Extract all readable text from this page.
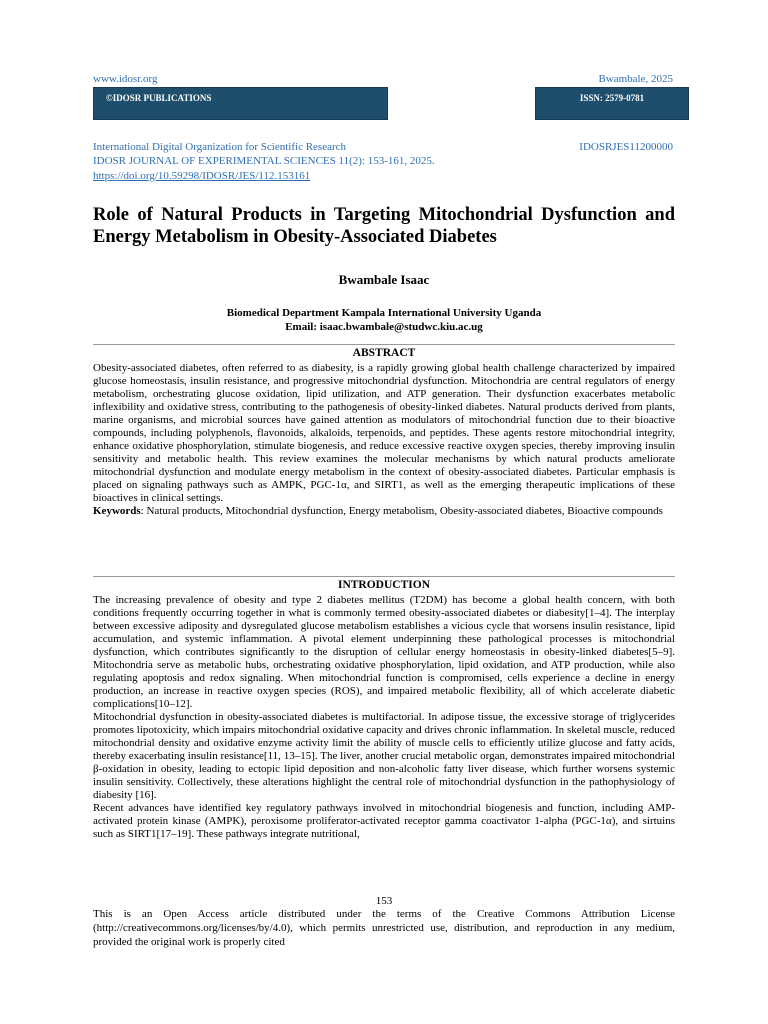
www.idosr.org	Bwambale, 2025
©IDOSR PUBLICATIONS	ISSN: 2579-0781
International Digital Organization for Scientific Research	IDOSRJES11200000
IDOSR JOURNAL OF EXPERIMENTAL SCIENCES 11(2): 153-161, 2025.
https://doi.org/10.59298/IDOSR/JES/112.153161
Role of Natural Products in Targeting Mitochondrial Dysfunction and Energy Metabolism in Obesity-Associated Diabetes
Bwambale Isaac
Biomedical Department Kampala International University Uganda
Email: isaac.bwambale@studwc.kiu.ac.ug
ABSTRACT

Obesity-associated diabetes, often referred to as diabesity, is a rapidly growing global health challenge characterized by impaired glucose homeostasis, insulin resistance, and progressive mitochondrial dysfunction. Mitochondria are central regulators of energy metabolism, orchestrating glucose oxidation, lipid utilization, and ATP generation. Their dysfunction exacerbates metabolic inflexibility and oxidative stress, contributing to the pathogenesis of obesity-linked diabetes. Natural products derived from plants, marine organisms, and microbial sources have gained attention as modulators of mitochondrial function due to their bioactive compounds, including polyphenols, flavonoids, alkaloids, terpenoids, and peptides. These agents restore mitochondrial integrity, enhance oxidative phosphorylation, stimulate biogenesis, and reduce excessive reactive oxygen species, thereby improving insulin sensitivity and metabolic health. This review examines the molecular mechanisms by which natural products ameliorate mitochondrial dysfunction and modulate energy metabolism in the context of obesity-associated diabetes. Particular emphasis is placed on signaling pathways such as AMPK, PGC-1α, and SIRT1, as well as the emerging therapeutic implications of these bioactives in clinical settings.

Keywords: Natural products, Mitochondrial dysfunction, Energy metabolism, Obesity-associated diabetes, Bioactive compounds

INTRODUCTION

The increasing prevalence of obesity and type 2 diabetes mellitus (T2DM) has become a global health concern, with both conditions frequently occurring together in what is commonly termed obesity-associated diabetes or diabesity[1–4]. The interplay between excessive adiposity and dysregulated glucose metabolism establishes a vicious cycle that worsens insulin resistance, lipid accumulation, and systemic inflammation. A pivotal element underpinning these pathological processes is mitochondrial dysfunction, which contributes significantly to the disruption of cellular energy homeostasis in obesity-linked diabetes[5–9]. Mitochondria serve as metabolic hubs, orchestrating oxidative phosphorylation, lipid oxidation, and ATP production, while also regulating apoptosis and redox signaling. When mitochondrial function is compromised, cells experience a decline in energy production, an increase in reactive oxygen species (ROS), and impaired metabolic flexibility, all of which accelerate diabetic complications[10–12].

Mitochondrial dysfunction in obesity-associated diabetes is multifactorial. In adipose tissue, the excessive storage of triglycerides promotes lipotoxicity, which impairs mitochondrial oxidative capacity and drives chronic inflammation. In skeletal muscle, reduced mitochondrial density and oxidative enzyme activity limit the ability of muscle cells to efficiently utilize glucose and fatty acids, thereby exacerbating insulin resistance[11, 13–15]. The liver, another crucial metabolic organ, demonstrates impaired mitochondrial β-oxidation in obesity, leading to ectopic lipid deposition and non-alcoholic fatty liver disease, which further worsens systemic insulin sensitivity. Collectively, these alterations highlight the central role of mitochondrial dysfunction in the pathophysiology of diabesity [16].

Recent advances have identified key regulatory pathways involved in mitochondrial biogenesis and function, including AMP-activated protein kinase (AMPK), peroxisome proliferator-activated receptor gamma coactivator 1-alpha (PGC-1α), and sirtuins such as SIRT1[17–19]. These pathways integrate nutritional,

153
This is an Open Access article distributed under the terms of the Creative Commons Attribution License (http://creativecommons.org/licenses/by/4.0), which permits unrestricted use, distribution, and reproduction in any medium, provided the original work is properly cited
